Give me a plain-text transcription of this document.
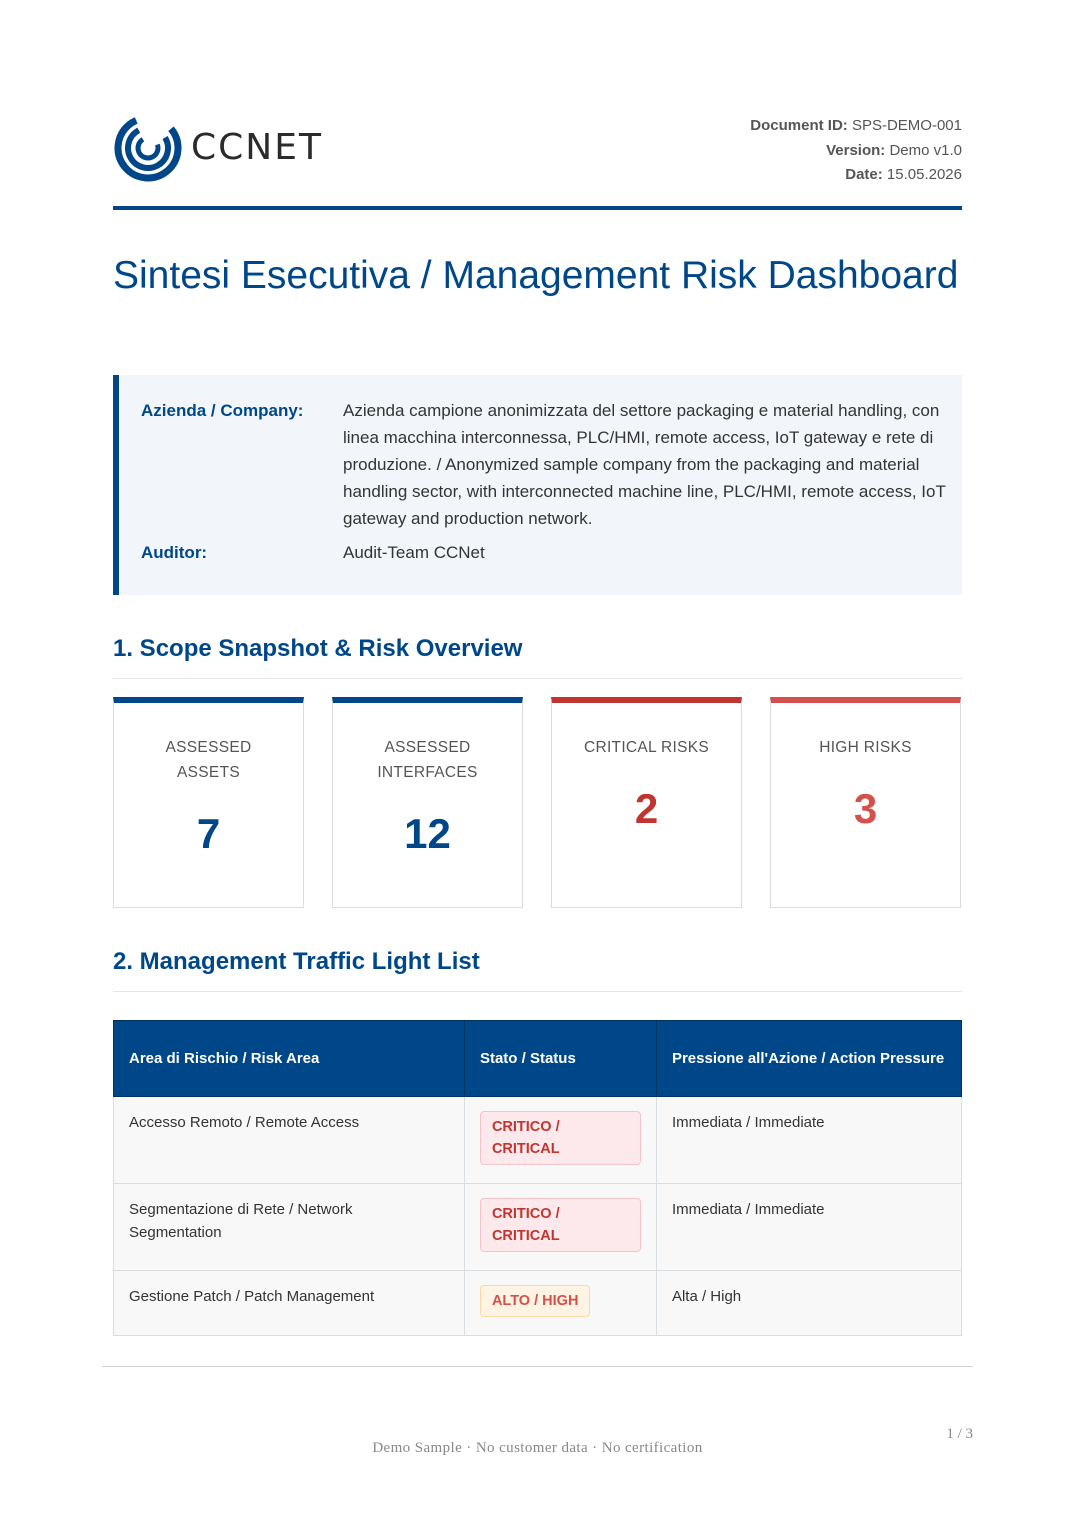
CCNET
Document ID: SPS-DEMO-001
Version: Demo v1.0
Date: 15.05.2026
Sintesi Esecutiva / Management Risk Dashboard
Azienda / Company:	Azienda campione anonimizzata del settore packaging e material handling, con linea macchina interconnessa, PLC/HMI, remote access, IoT gateway e rete di produzione. / Anonymized sample company from the packaging and material handling sector, with interconnected machine line, PLC/HMI, remote access, IoT gateway and production network.
Auditor:	Audit-Team CCNet
1. Scope Snapshot & Risk Overview
ASSESSED ASSETS
7
ASSESSED INTERFACES
12
CRITICAL RISKS
2
HIGH RISKS
3
2. Management Traffic Light List
Area di Rischio / Risk Area	Stato / Status	Pressione all'Azione / Action Pressure
Accesso Remoto / Remote Access	CRITICO / CRITICAL	Immediata / Immediate
Segmentazione di Rete / Network Segmentation	CRITICO / CRITICAL	Immediata / Immediate
Gestione Patch / Patch Management	ALTO / HIGH	Alta / High
Demo Sample · No customer data · No certification
1 / 3
